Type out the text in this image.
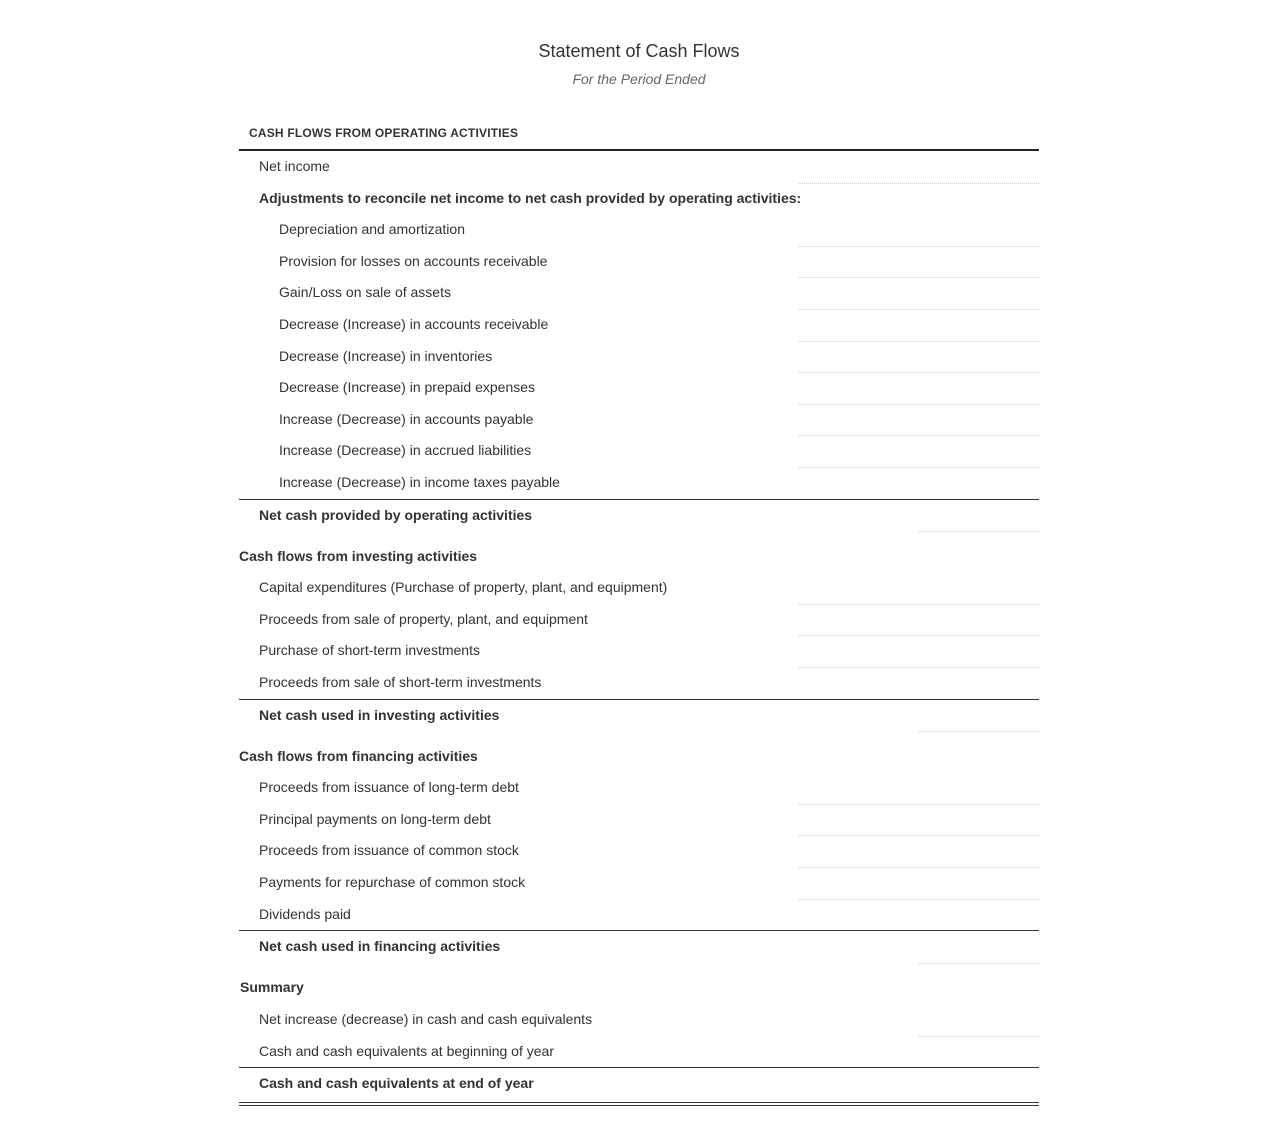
Statement of Cash Flows
For the Period Ended
CASH FLOWS FROM OPERATING ACTIVITIES
Net income
Adjustments to reconcile net income to net cash provided by operating activities:
Depreciation and amortization
Provision for losses on accounts receivable
Gain/Loss on sale of assets
Decrease (Increase) in accounts receivable
Decrease (Increase) in inventories
Decrease (Increase) in prepaid expenses
Increase (Decrease) in accounts payable
Increase (Decrease) in accrued liabilities
Increase (Decrease) in income taxes payable
Net cash provided by operating activities
Cash flows from investing activities
Capital expenditures (Purchase of property, plant, and equipment)
Proceeds from sale of property, plant, and equipment
Purchase of short-term investments
Proceeds from sale of short-term investments
Net cash used in investing activities
Cash flows from financing activities
Proceeds from issuance of long-term debt
Principal payments on long-term debt
Proceeds from issuance of common stock
Payments for repurchase of common stock
Dividends paid
Net cash used in financing activities
Summary
Net increase (decrease) in cash and cash equivalents
Cash and cash equivalents at beginning of year
Cash and cash equivalents at end of year
